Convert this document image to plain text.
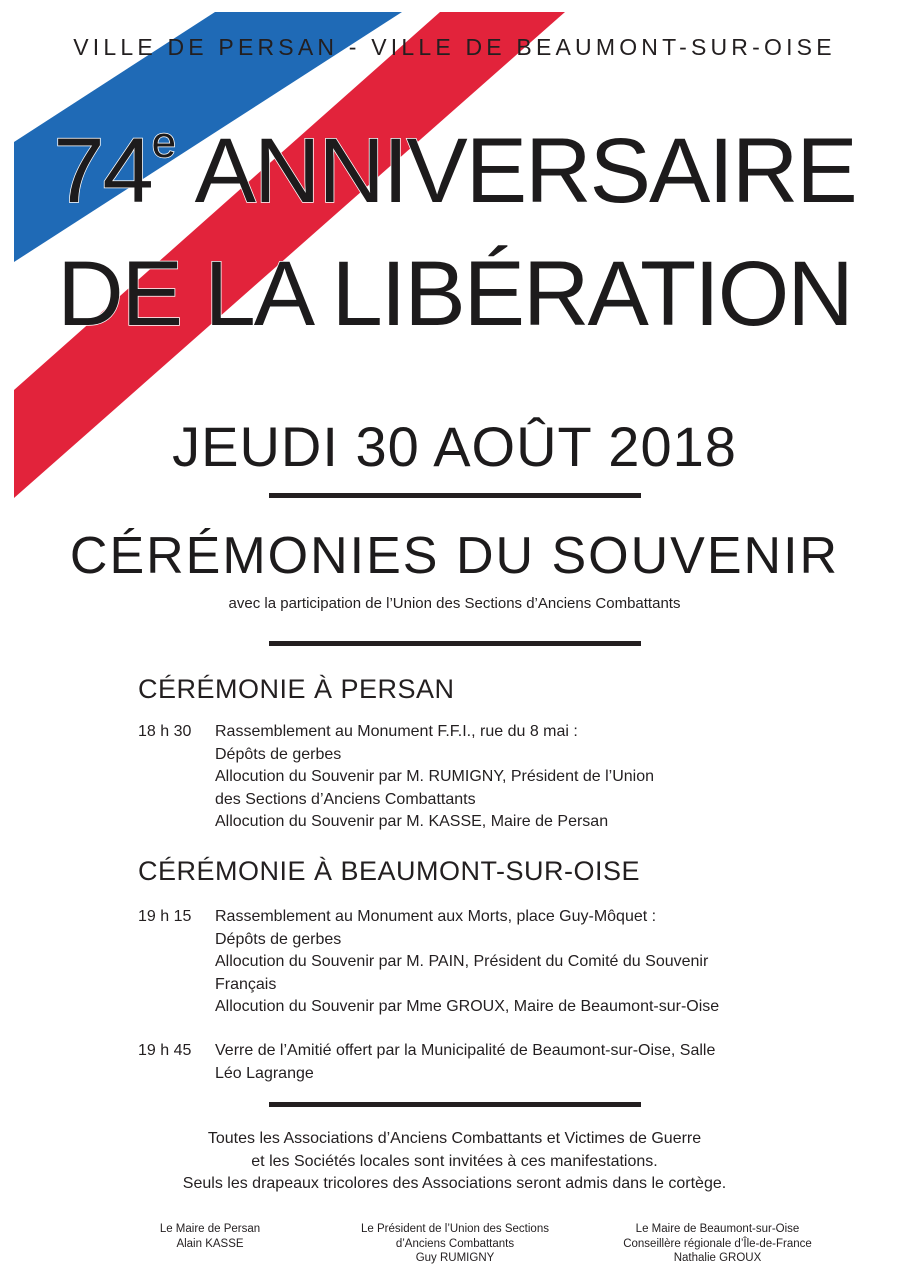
VILLE DE PERSAN - VILLE DE BEAUMONT-SUR-OISE
74e ANNIVERSAIRE
DE LA LIBÉRATION
JEUDI 30 AOÛT 2018
CÉRÉMONIES DU SOUVENIR
avec la participation de l’Union des Sections d’Anciens Combattants
CÉRÉMONIE À PERSAN
18 h 30	Rassemblement au Monument F.F.I., rue du 8 mai :
Dépôts de gerbes
Allocution du Souvenir par M. RUMIGNY, Président de l’Union
des Sections d’Anciens Combattants
Allocution du Souvenir par M. KASSE, Maire de Persan
CÉRÉMONIE À BEAUMONT-SUR-OISE
19 h 15	Rassemblement au Monument aux Morts, place Guy-Môquet :
Dépôts de gerbes
Allocution du Souvenir par M. PAIN, Président du Comité du Souvenir
Français
Allocution du Souvenir par Mme GROUX, Maire de Beaumont-sur-Oise
19 h 45	Verre de l’Amitié offert par la Municipalité de Beaumont-sur-Oise, Salle
Léo Lagrange
Toutes les Associations d’Anciens Combattants et Victimes de Guerre
et les Sociétés locales sont invitées à ces manifestations.
Seuls les drapeaux tricolores des Associations seront admis dans le cortège.
Le Maire de Persan
Alain KASSE
Le Président de l’Union des Sections
d’Anciens Combattants
Guy RUMIGNY
Le Maire de Beaumont-sur-Oise
Conseillère régionale d’Île-de-France
Nathalie GROUX
